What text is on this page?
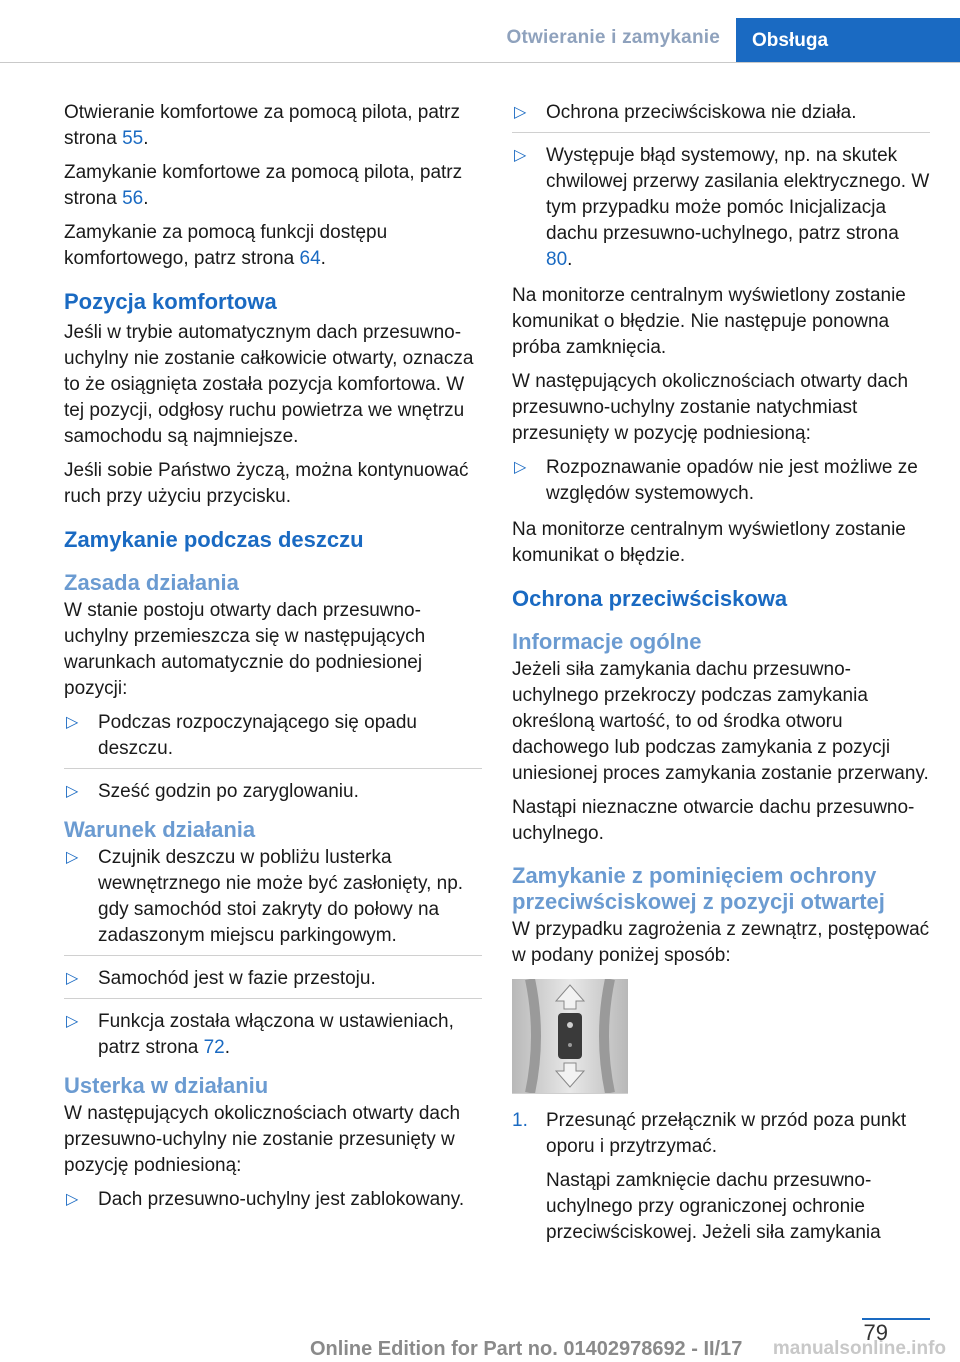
Otwieranie i zamykanie	Obsługa

Otwieranie komfortowe za pomocą pilota, patrz strona 55.

Zamykanie komfortowe za pomocą pilota, patrz strona 56.

Zamykanie za pomocą funkcji dostępu komfortowego, patrz strona 64.

Pozycja komfortowa

Jeśli w trybie automatycznym dach przesuwno-uchylny nie zostanie całkowicie otwarty, oznacza to że osiągnięta została pozycja komfortowa. W tej pozycji, odgłosy ruchu powietrza we wnętrzu samochodu są najmniejsze.

Jeśli sobie Państwo życzą, można kontynuować ruch przy użyciu przycisku.

Zamykanie podczas deszczu
Zasada działania

W stanie postoju otwarty dach przesuwno-uchylny przemieszcza się w następujących warunkach automatycznie do podniesionej pozycji:

▷ Podczas rozpoczynającego się opadu deszczu.
▷ Sześć godzin po zaryglowaniu.
Warunek działania
▷ Czujnik deszczu w pobliżu lusterka wewnętrznego nie może być zasłonięty, np. gdy samochód stoi zakryty do połowy na zadaszonym miejscu parkingowym.
▷ Samochód jest w fazie przestoju.
▷ Funkcja została włączona w ustawieniach, patrz strona 72.
Usterka w działaniu

W następujących okolicznościach otwarty dach przesuwno-uchylny nie zostanie przesunięty w pozycję podniesioną:

▷ Dach przesuwno-uchylny jest zablokowany.
▷ Ochrona przeciwściskowa nie działa.
▷ Występuje błąd systemowy, np. na skutek chwilowej przerwy zasilania elektrycznego. W tym przypadku może pomóc Inicjalizacja dachu przesuwno-uchylnego, patrz strona 80.

Na monitorze centralnym wyświetlony zostanie komunikat o błędzie. Nie następuje ponowna próba zamknięcia.

W następujących okolicznościach otwarty dach przesuwno-uchylny zostanie natychmiast przesunięty w pozycję podniesioną:

▷ Rozpoznawanie opadów nie jest możliwe ze względów systemowych.

Na monitorze centralnym wyświetlony zostanie komunikat o błędzie.

Ochrona przeciwściskowa
Informacje ogólne

Jeżeli siła zamykania dachu przesuwno-uchylnego przekroczy podczas zamykania określoną wartość, to od środka otworu dachowego lub podczas zamykania z pozycji uniesionej proces zamykania zostanie przerwany.

Nastąpi nieznaczne otwarcie dachu przesuwno-uchylnego.

Zamykanie z pominięciem ochrony przeciwściskowej z pozycji otwartej

W przypadku zagrożenia z zewnątrz, postępować w podany poniżej sposób:

1. Przesunąć przełącznik w przód poza punkt oporu i przytrzymać.

Nastąpi zamknięcie dachu przesuwno-uchylnego przy ograniczonej ochronie przeciwściskowej. Jeżeli siła zamykania

79
Online Edition for Part no. 01402978692 - II/17 manualsonline.info
